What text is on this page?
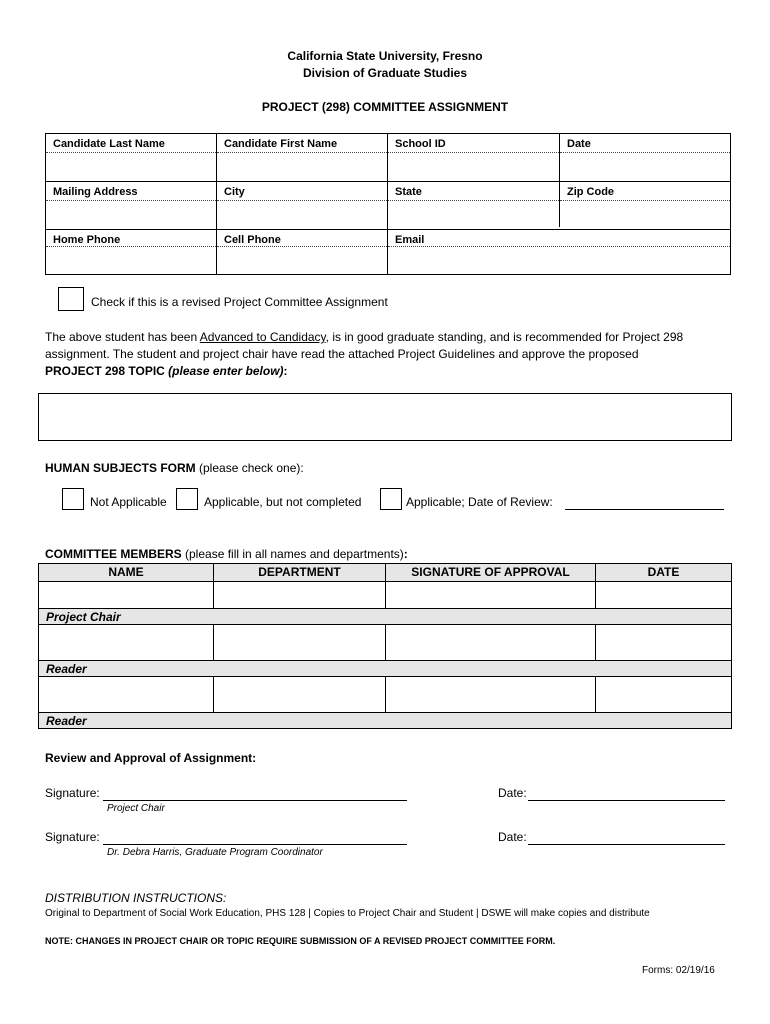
California State University, Fresno
Division of Graduate Studies
PROJECT (298) COMMITTEE ASSIGNMENT
Candidate Last Name	Candidate First Name	School ID	Date
Mailing Address	City	State	Zip Code
Home Phone	Cell Phone	Email
Check if this is a revised Project Committee Assignment
The above student has been Advanced to Candidacy, is in good graduate standing, and is recommended for Project 298
assignment. The student and project chair have read the attached Project Guidelines and approve the proposed
PROJECT 298 TOPIC (please enter below):
HUMAN SUBJECTS FORM (please check one):
Not Applicable	Applicable, but not completed	Applicable; Date of Review:
COMMITTEE MEMBERS (please fill in all names and departments):
NAME	DEPARTMENT	SIGNATURE OF APPROVAL	DATE
Project Chair
Reader
Reader
Review and Approval of Assignment:
Signature:
Project Chair
Date:
Signature:
Dr. Debra Harris, Graduate Program Coordinator
Date:
DISTRIBUTION INSTRUCTIONS:
Original to Department of Social Work Education, PHS 128 | Copies to Project Chair and Student | DSWE will make copies and distribute
NOTE: CHANGES IN PROJECT CHAIR OR TOPIC REQUIRE SUBMISSION OF A REVISED PROJECT COMMITTEE FORM.
Forms: 02/19/16
